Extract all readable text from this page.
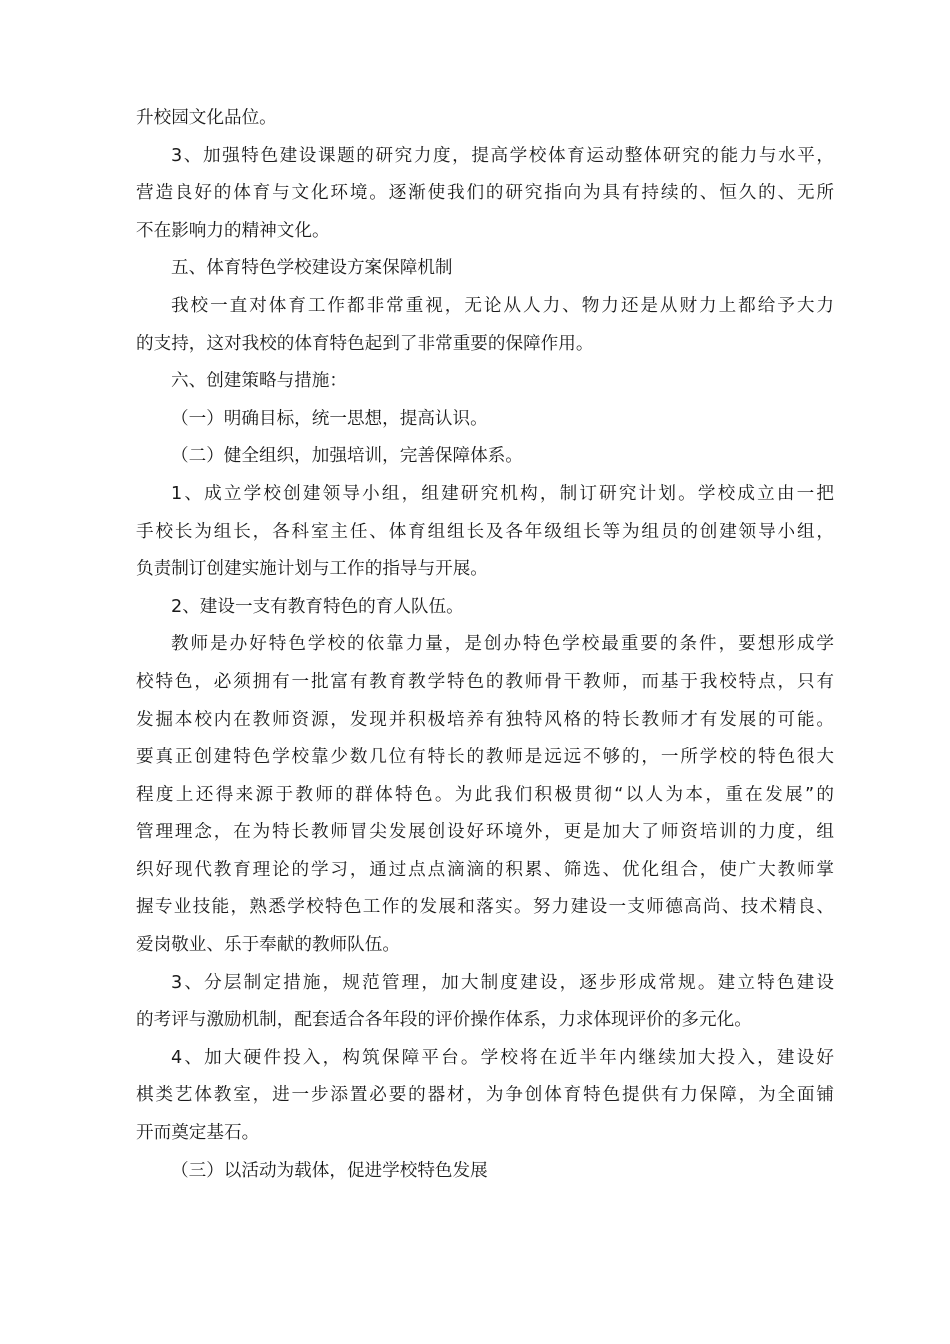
升校园文化品位。
3、加强特色建设课题的研究力度，提高学校体育运动整体研究的能力与水平，
营造良好的体育与文化环境。逐渐使我们的研究指向为具有持续的、恒久的、无所
不在影响力的精神文化。
五、体育特色学校建设方案保障机制
我校一直对体育工作都非常重视，无论从人力、物力还是从财力上都给予大力
的支持，这对我校的体育特色起到了非常重要的保障作用。
六、创建策略与措施：
（一）明确目标，统一思想，提高认识。
（二）健全组织，加强培训，完善保障体系。
1、成立学校创建领导小组，组建研究机构，制订研究计划。学校成立由一把
手校长为组长，各科室主任、体育组组长及各年级组长等为组员的创建领导小组，
负责制订创建实施计划与工作的指导与开展。
2、建设一支有教育特色的育人队伍。
教师是办好特色学校的依靠力量，是创办特色学校最重要的条件，要想形成学
校特色，必须拥有一批富有教育教学特色的教师骨干教师，而基于我校特点，只有
发掘本校内在教师资源，发现并积极培养有独特风格的特长教师才有发展的可能。
要真正创建特色学校靠少数几位有特长的教师是远远不够的，一所学校的特色很大
程度上还得来源于教师的群体特色。为此我们积极贯彻“以人为本，重在发展”的
管理理念，在为特长教师冒尖发展创设好环境外，更是加大了师资培训的力度，组
织好现代教育理论的学习，通过点点滴滴的积累、筛选、优化组合，使广大教师掌
握专业技能，熟悉学校特色工作的发展和落实。努力建设一支师德高尚、技术精良、
爱岗敬业、乐于奉献的教师队伍。
3、分层制定措施，规范管理，加大制度建设，逐步形成常规。建立特色建设
的考评与激励机制，配套适合各年段的评价操作体系，力求体现评价的多元化。
4、加大硬件投入，构筑保障平台。学校将在近半年内继续加大投入，建设好
棋类艺体教室，进一步添置必要的器材，为争创体育特色提供有力保障，为全面铺
开而奠定基石。
（三）以活动为载体，促进学校特色发展
